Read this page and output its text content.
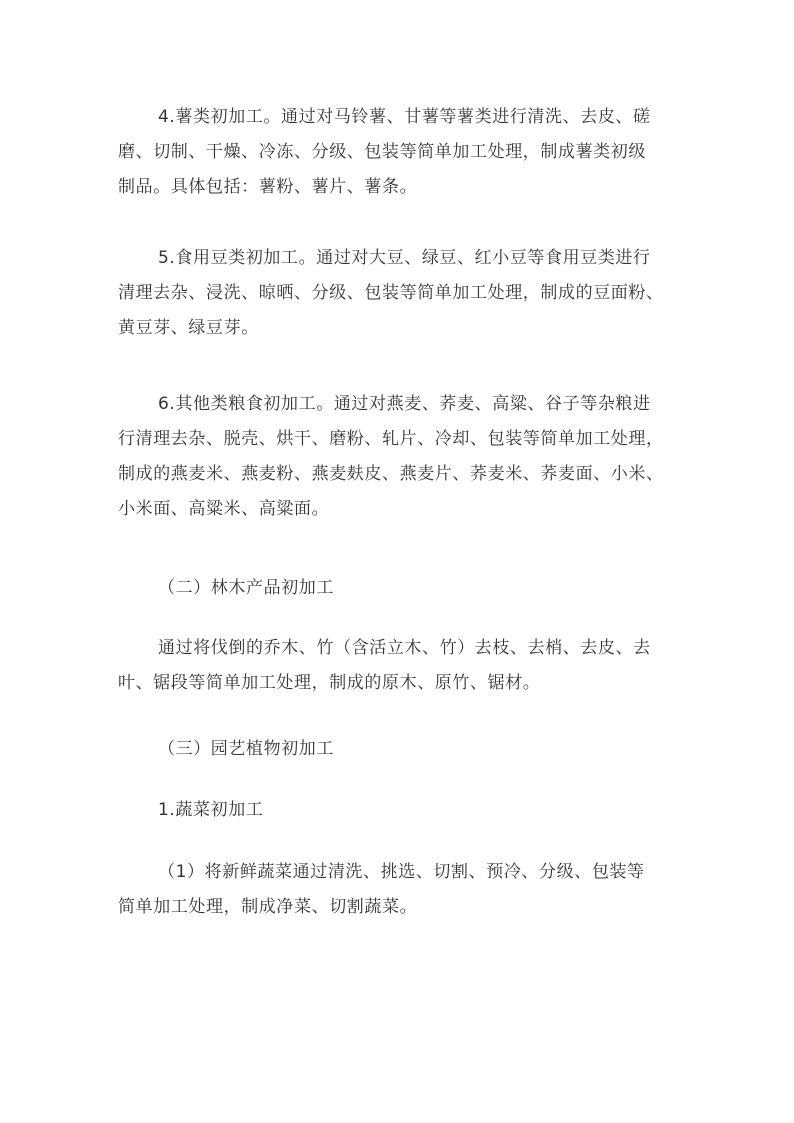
4.薯类初加工。通过对马铃薯、甘薯等薯类进行清洗、去皮、磋
磨、切制、干燥、冷冻、分级、包装等简单加工处理，制成薯类初级
制品。具体包括：薯粉、薯片、薯条。

5.食用豆类初加工。通过对大豆、绿豆、红小豆等食用豆类进行
清理去杂、浸洗、晾晒、分级、包装等简单加工处理，制成的豆面粉、
黄豆芽、绿豆芽。

6.其他类粮食初加工。通过对燕麦、荞麦、高粱、谷子等杂粮进
行清理去杂、脱壳、烘干、磨粉、轧片、冷却、包装等简单加工处理，
制成的燕麦米、燕麦粉、燕麦麸皮、燕麦片、荞麦米、荞麦面、小米、
小米面、高粱米、高粱面。

（二）林木产品初加工

通过将伐倒的乔木、竹（含活立木、竹）去枝、去梢、去皮、去
叶、锯段等简单加工处理，制成的原木、原竹、锯材。

（三）园艺植物初加工

1.蔬菜初加工

（1）将新鲜蔬菜通过清洗、挑选、切割、预冷、分级、包装等
简单加工处理，制成净菜、切割蔬菜。
